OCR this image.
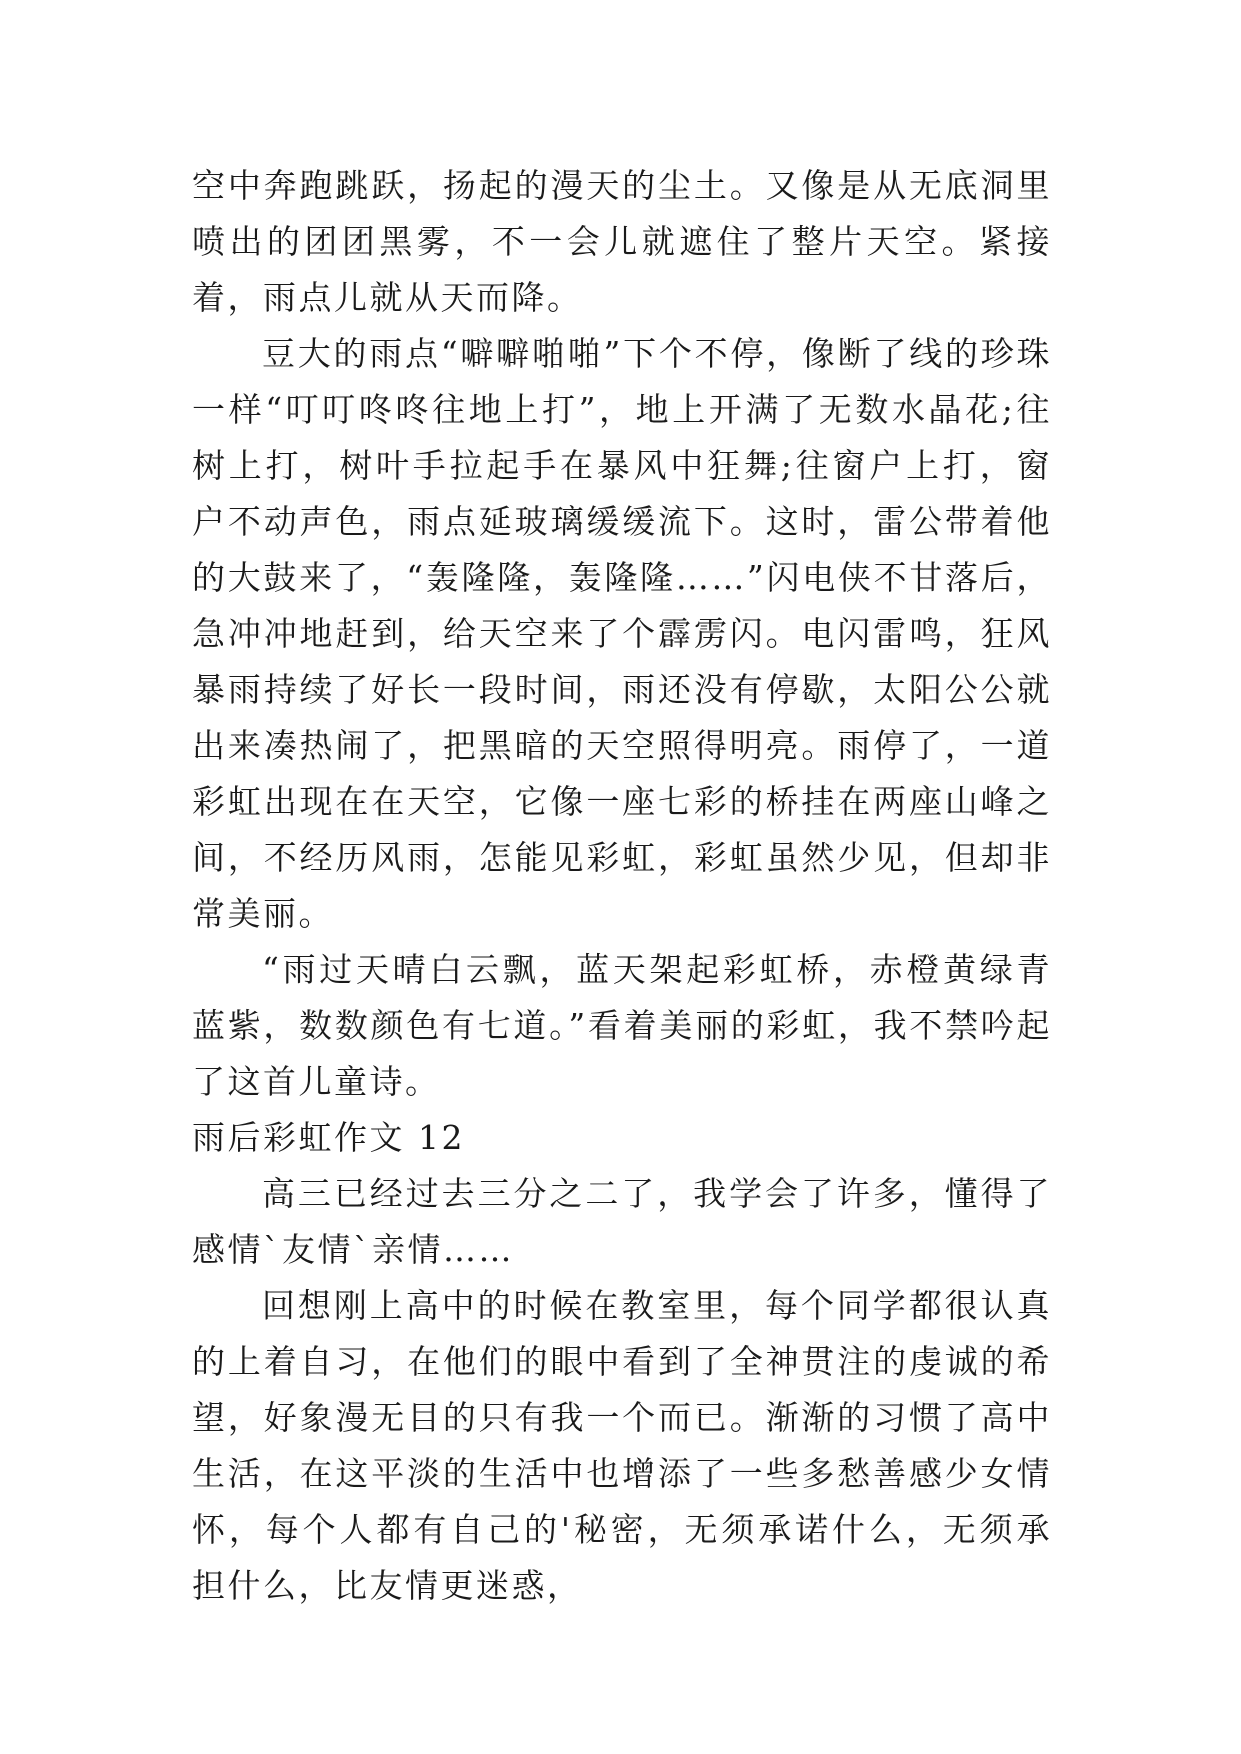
空中奔跑跳跃，扬起的漫天的尘土。又像是从无底洞里喷出的团团黑雾，不一会儿就遮住了整片天空。紧接着，雨点儿就从天而降。

豆大的雨点“噼噼啪啪”下个不停，像断了线的珍珠一样“叮叮咚咚往地上打”，地上开满了无数水晶花;往树上打，树叶手拉起手在暴风中狂舞;往窗户上打，窗户不动声色，雨点延玻璃缓缓流下。这时，雷公带着他的大鼓来了，“轰隆隆，轰隆隆……”闪电侠不甘落后，急冲冲地赶到，给天空来了个霹雳闪。电闪雷鸣，狂风暴雨持续了好长一段时间，雨还没有停歇，太阳公公就出来凑热闹了，把黑暗的天空照得明亮。雨停了，一道彩虹出现在在天空，它像一座七彩的桥挂在两座山峰之间，不经历风雨，怎能见彩虹，彩虹虽然少见，但却非常美丽。

“雨过天晴白云飘，蓝天架起彩虹桥，赤橙黄绿青蓝紫，数数颜色有七道。”看着美丽的彩虹，我不禁吟起了这首儿童诗。

雨后彩虹作文 12

高三已经过去三分之二了，我学会了许多，懂得了感情`友情`亲情……

回想刚上高中的时候在教室里，每个同学都很认真的上着自习，在他们的眼中看到了全神贯注的虔诚的希望，好象漫无目的只有我一个而已。渐渐的习惯了高中生活，在这平淡的生活中也增添了一些多愁善感少女情怀，每个人都有自己的'秘密，无须承诺什么，无须承担什么，比友情更迷惑，
